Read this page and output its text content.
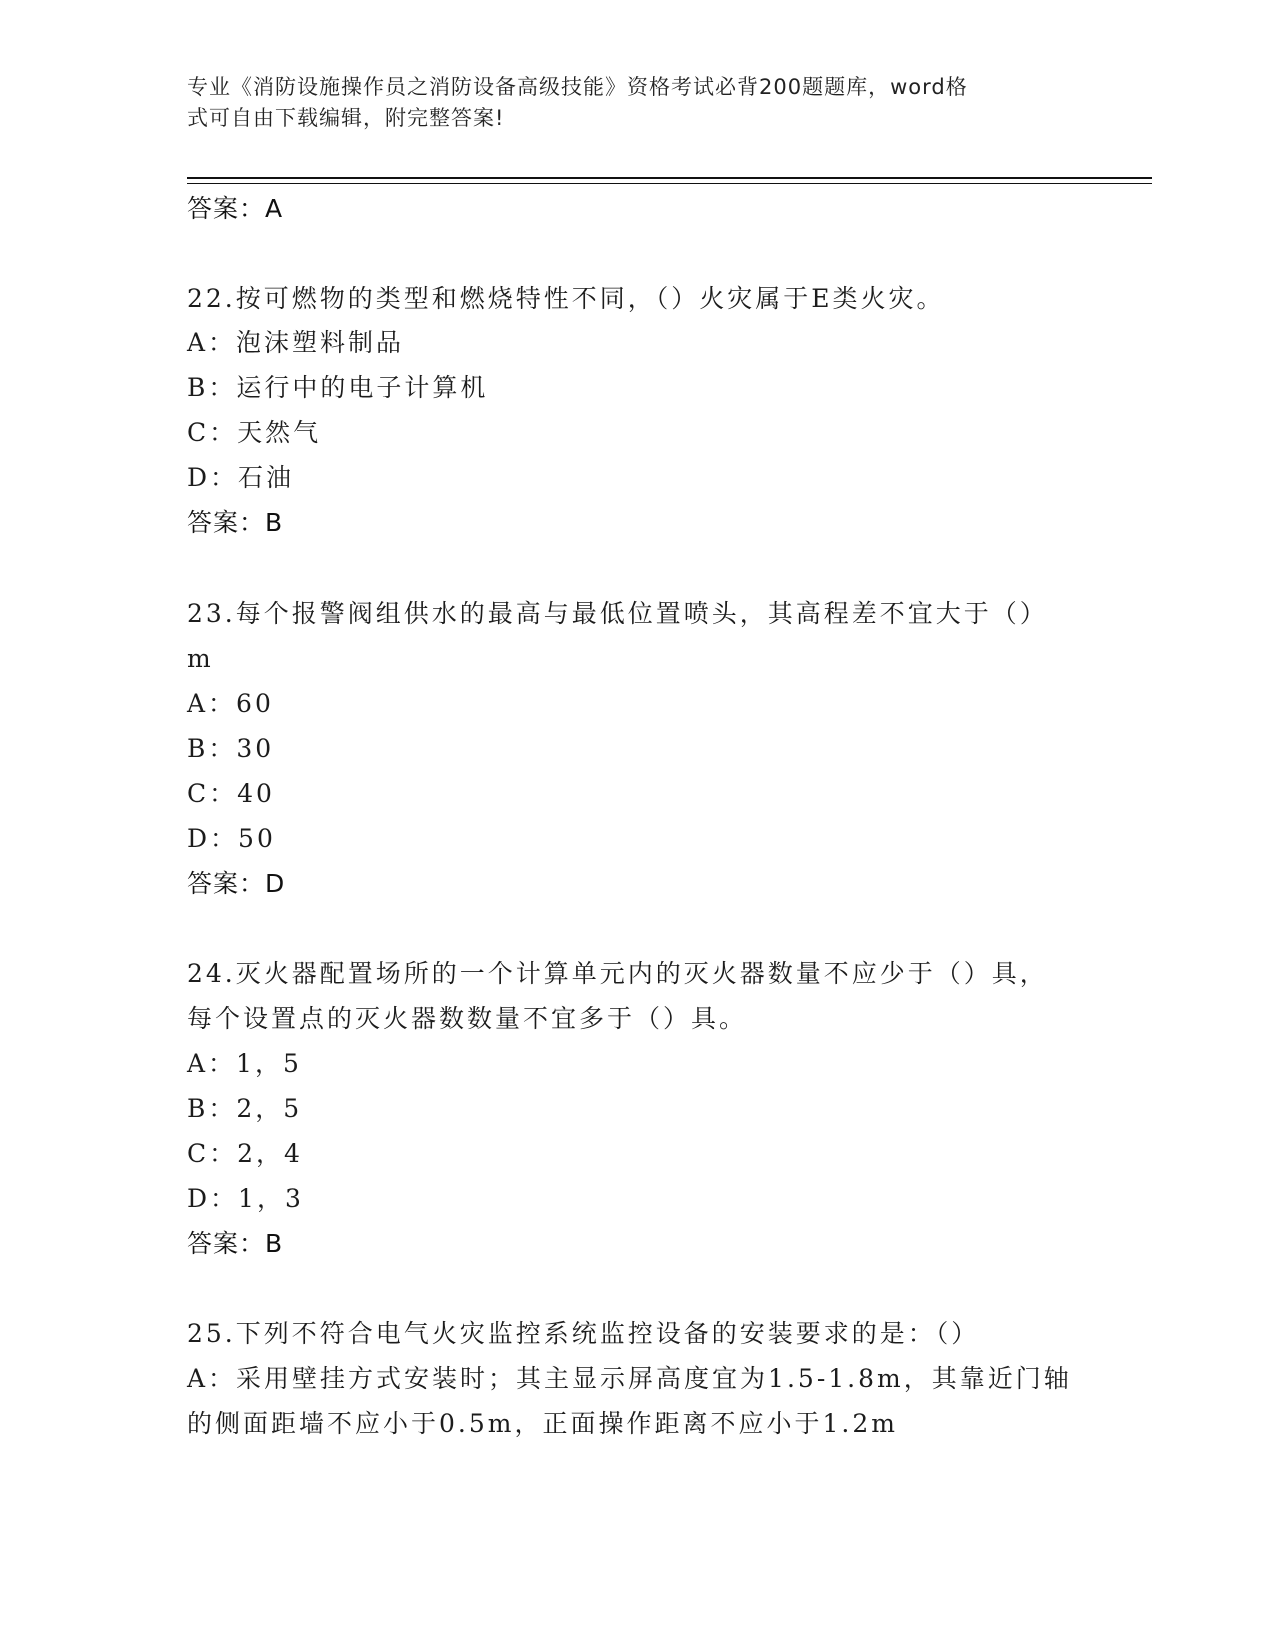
专业《消防设施操作员之消防设备高级技能》资格考试必背200题题库，word格
式可自由下载编辑，附完整答案!
答案：A
22.按可燃物的类型和燃烧特性不同，（）火灾属于E类火灾。
A：泡沫塑料制品
B：运行中的电子计算机
C：天然气
D：石油
答案：B
23.每个报警阀组供水的最高与最低位置喷头，其高程差不宜大于（）
m
A：60
B：30
C：40
D：50
答案：D
24.灭火器配置场所的一个计算单元内的灭火器数量不应少于（）具，
每个设置点的灭火器数数量不宜多于（）具。
A：1，5
B：2，5
C：2，4
D：1，3
答案：B
25.下列不符合电气火灾监控系统监控设备的安装要求的是：（）
A：采用壁挂方式安装时；其主显示屏高度宜为1.5-1.8m，其靠近门轴
的侧面距墙不应小于0.5m，正面操作距离不应小于1.2m
